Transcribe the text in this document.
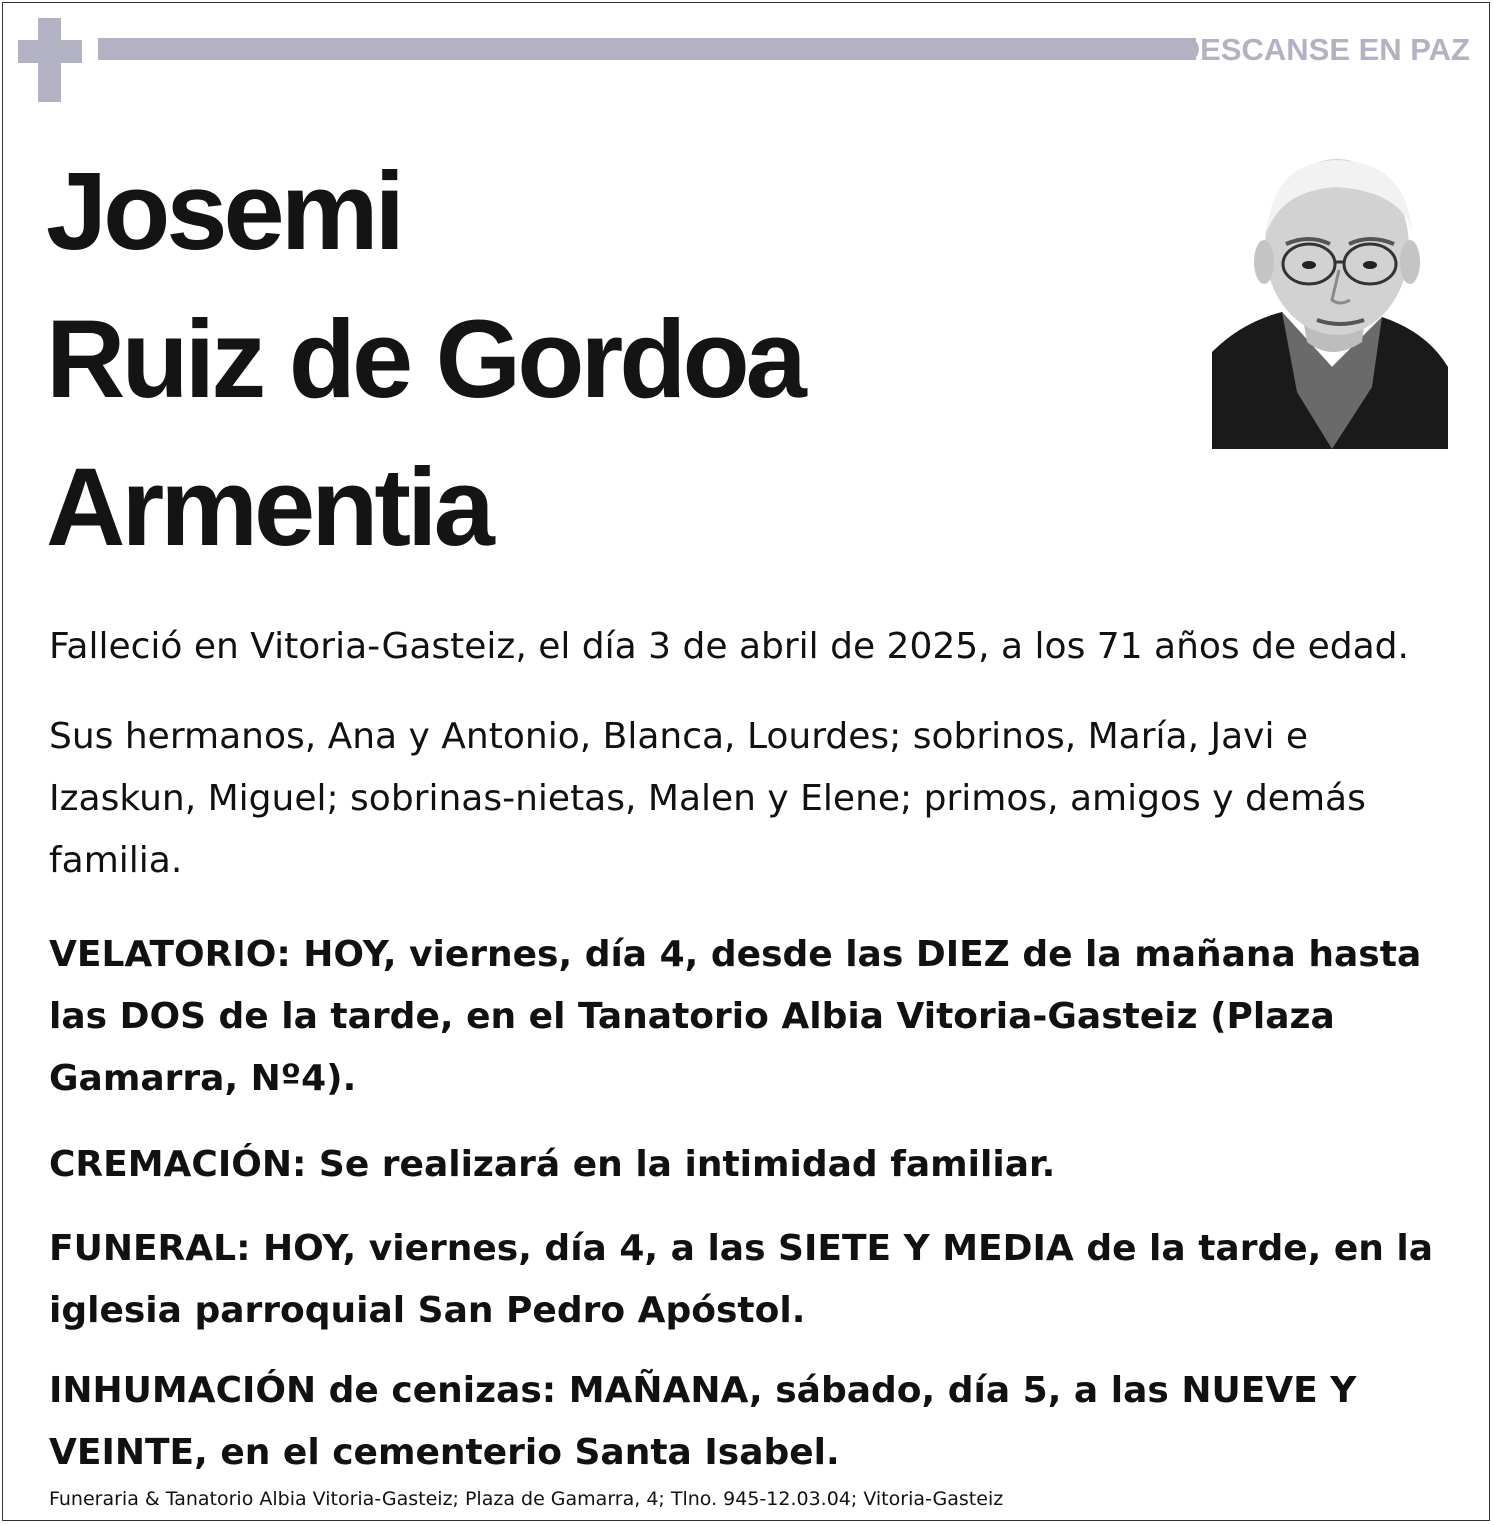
DESCANSE EN PAZ
Josemi
Ruiz de Gordoa
Armentia
Falleció en Vitoria-Gasteiz, el día 3 de abril de 2025, a los 71 años de edad.
Sus hermanos, Ana y Antonio, Blanca, Lourdes; sobrinos, María, Javi e Izaskun, Miguel; sobrinas-nietas, Malen y Elene; primos, amigos y demás familia.
VELATORIO: HOY, viernes, día 4, desde las DIEZ de la mañana hasta las DOS de la tarde, en el Tanatorio Albia Vitoria-Gasteiz (Plaza Gamarra, Nº4).
CREMACIÓN: Se realizará en la intimidad familiar.
FUNERAL: HOY, viernes, día 4, a las SIETE Y MEDIA de la tarde, en la iglesia parroquial San Pedro Apóstol.
INHUMACIÓN de cenizas: MAÑANA, sábado, día 5, a las NUEVE Y VEINTE, en el cementerio Santa Isabel.
Funeraria & Tanatorio Albia Vitoria-Gasteiz; Plaza de Gamarra, 4; Tlno. 945-12.03.04; Vitoria-Gasteiz
